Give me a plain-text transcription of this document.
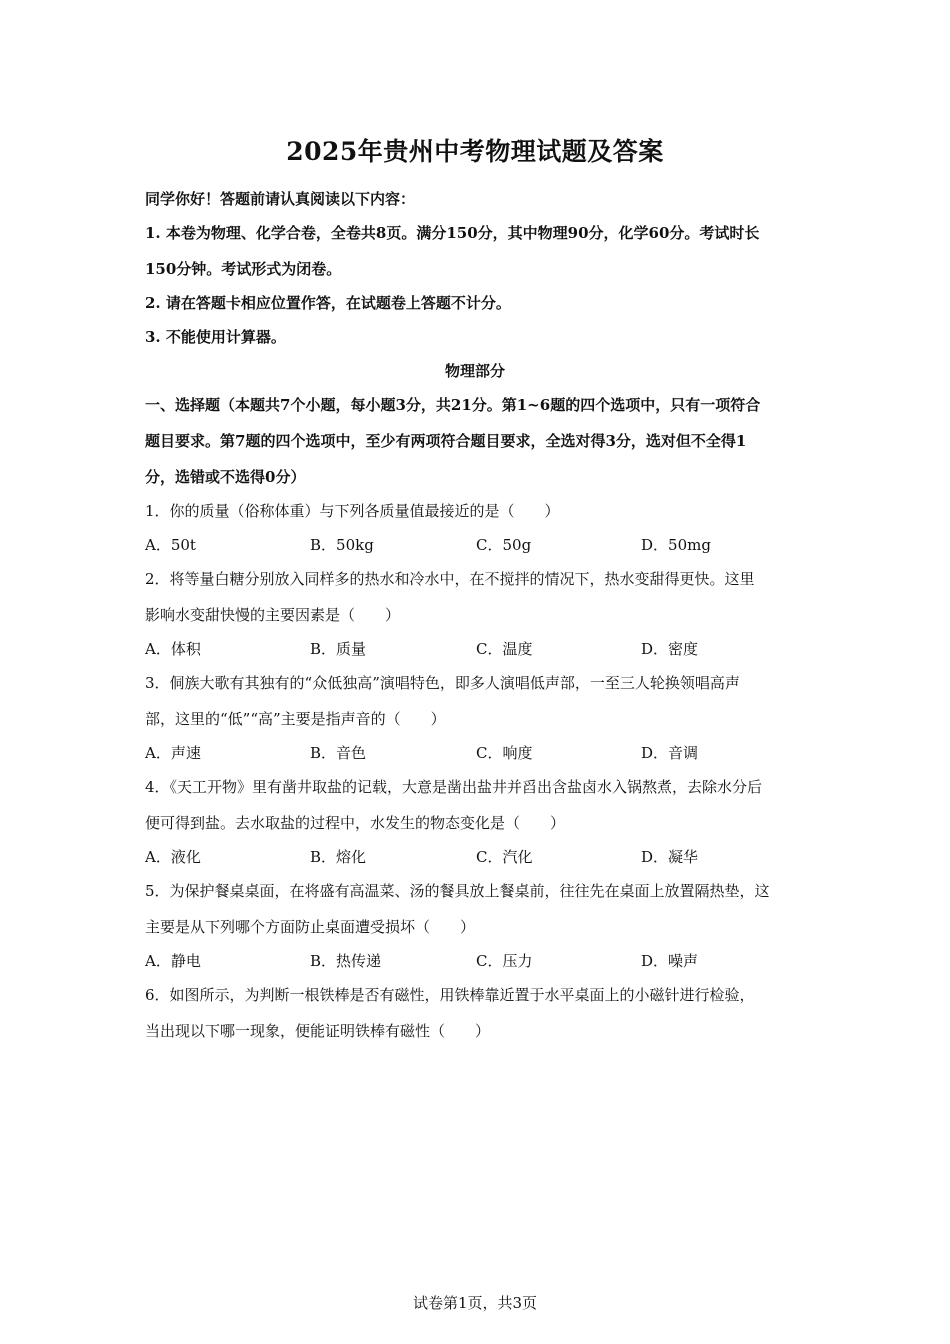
2025年贵州中考物理试题及答案
同学你好！答题前请认真阅读以下内容：
1. 本卷为物理、化学合卷，全卷共8页。满分150分，其中物理90分，化学60分。考试时长
150分钟。考试形式为闭卷。
2. 请在答题卡相应位置作答，在试题卷上答题不计分。
3. 不能使用计算器。
物理部分
一、选择题（本题共7个小题，每小题3分，共21分。第1~6题的四个选项中，只有一项符合
题目要求。第7题的四个选项中，至少有两项符合题目要求，全选对得3分，选对但不全得1
分，选错或不选得0分）
1．你的质量（俗称体重）与下列各质量值最接近的是（　　）
A．50t	B．50kg	C．50g	D．50mg
2．将等量白糖分别放入同样多的热水和冷水中，在不搅拌的情况下，热水变甜得更快。这里
影响水变甜快慢的主要因素是（　　）
A．体积	B．质量	C．温度	D．密度
3．侗族大歌有其独有的“众低独高”演唱特色，即多人演唱低声部，一至三人轮换领唱高声
部，这里的“低”“高”主要是指声音的（　　）
A．声速	B．音色	C．响度	D．音调
4．《天工开物》里有凿井取盐的记载，大意是凿出盐井并舀出含盐卤水入锅熬煮，去除水分后
便可得到盐。去水取盐的过程中，水发生的物态变化是（　　）
A．液化	B．熔化	C．汽化	D．凝华
5．为保护餐桌桌面，在将盛有高温菜、汤的餐具放上餐桌前，往往先在桌面上放置隔热垫，这
主要是从下列哪个方面防止桌面遭受损坏（　　）
A．静电	B．热传递	C．压力	D．噪声
6．如图所示，为判断一根铁棒是否有磁性，用铁棒靠近置于水平桌面上的小磁针进行检验，
当出现以下哪一现象，便能证明铁棒有磁性（　　）
试卷第1页，共3页
